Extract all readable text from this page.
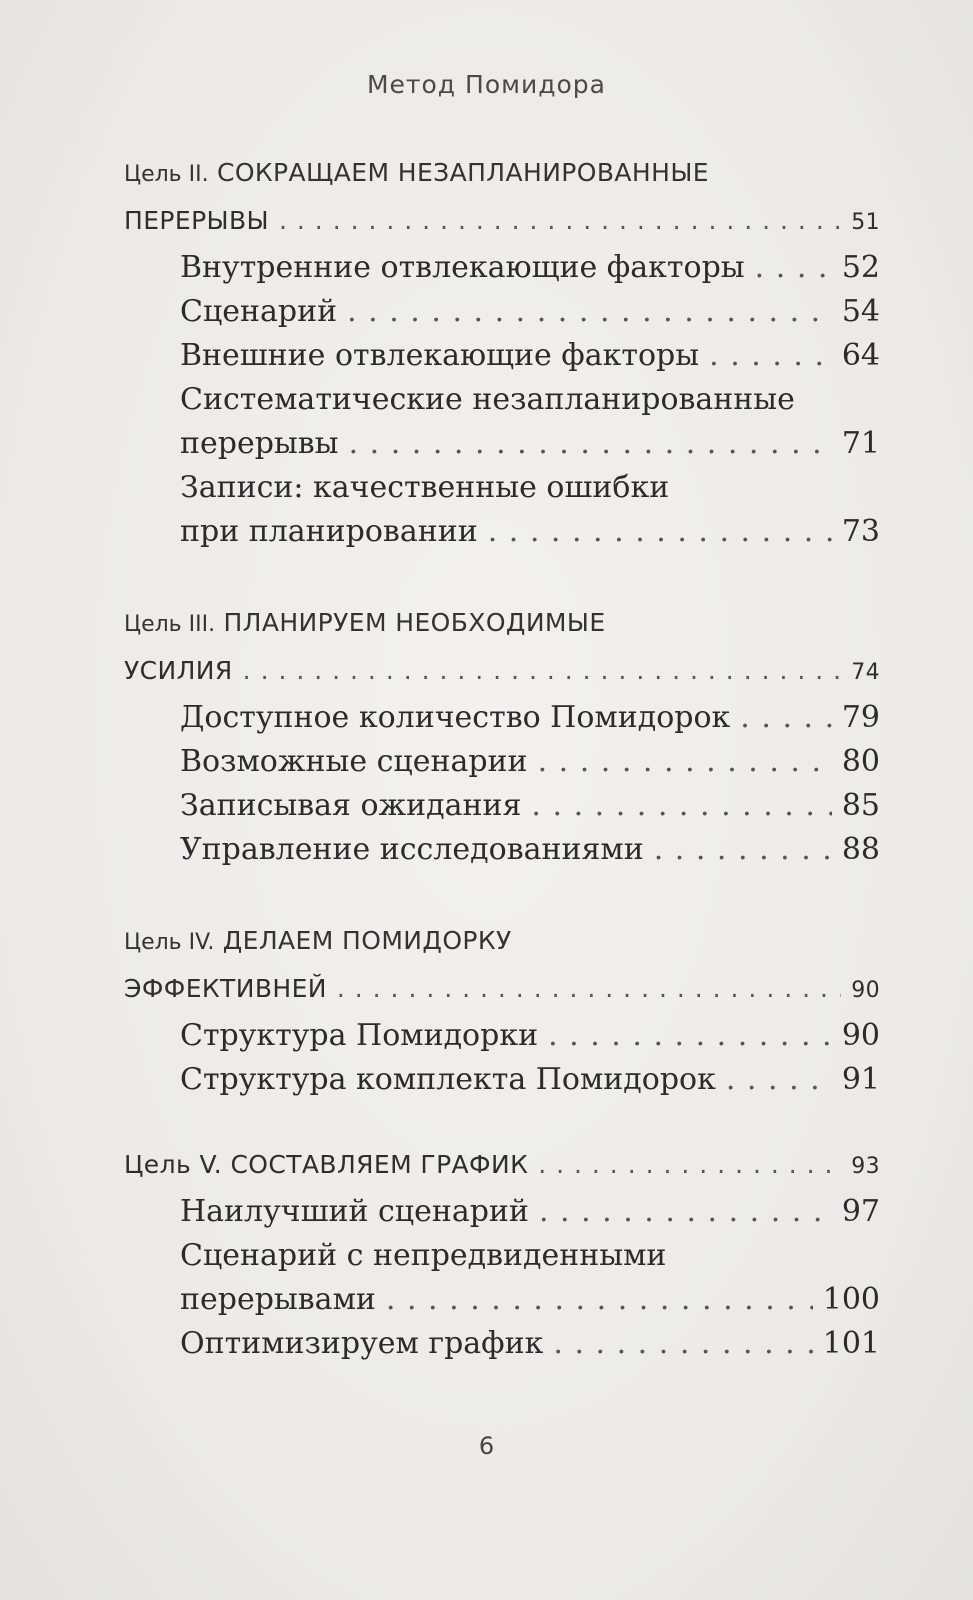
Метод Помидора
Цель II. СОКРАЩАЕМ НЕЗАПЛАНИРОВАННЫЕ
ПЕРЕРЫВЫ . . .	51
Внутренние отвлекающие факторы . . .	52
Сценарий . . .	54
Внешние отвлекающие факторы . . .	64
Систематические незапланированные
перерывы . . .	71
Записи: качественные ошибки
при планировании . . .	73
Цель III. ПЛАНИРУЕМ НЕОБХОДИМЫЕ
УСИЛИЯ . . .	74
Доступное количество Помидорок . . .	79
Возможные сценарии . . .	80
Записывая ожидания . . .	85
Управление исследованиями . . .	88
Цель IV. ДЕЛАЕМ ПОМИДОРКУ
ЭФФЕКТИВНЕЙ . . .	90
Структура Помидорки . . .	90
Структура комплекта Помидорок . . .	91
Цель V. СОСТАВЛЯЕМ ГРАФИК . . .	93
Наилучший сценарий . . .	97
Сценарий с непредвиденными
перерывами . . .	100
Оптимизируем график . . .	101
6
